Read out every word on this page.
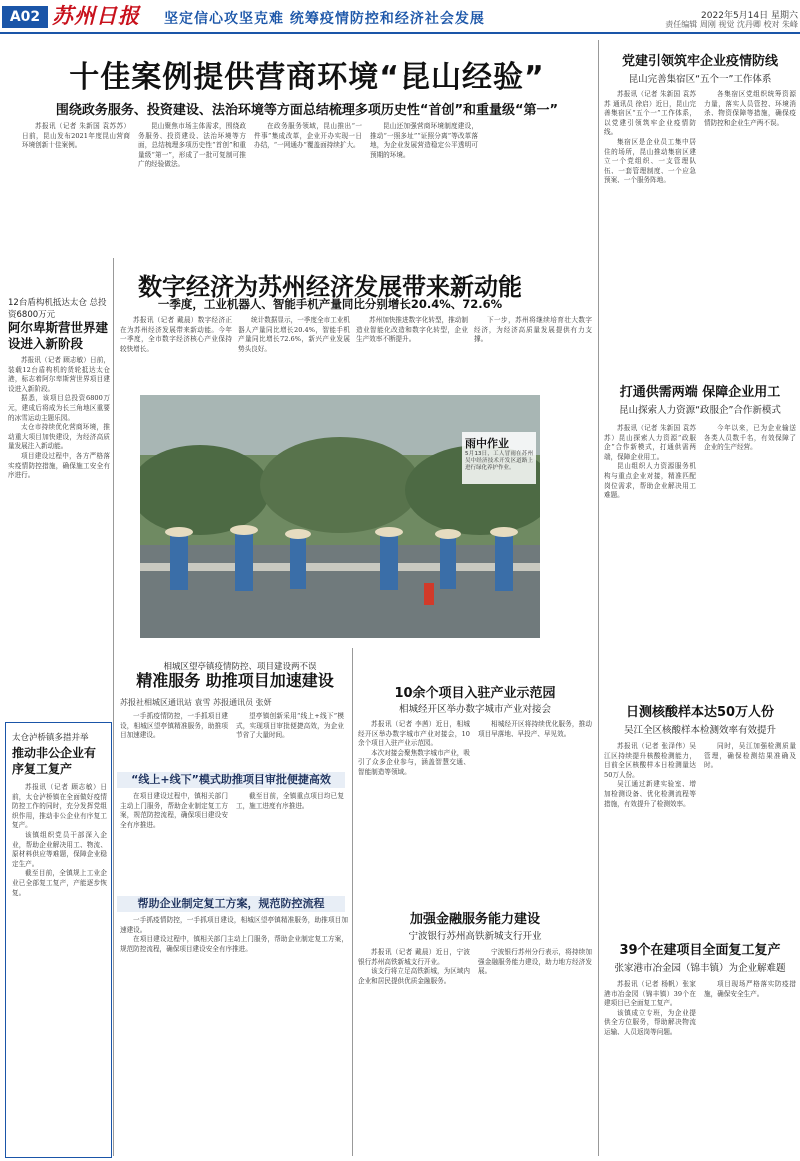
A02 苏州日报 坚定信心攻坚克难 统筹疫情防控和经济社会发展	2022年5月14日 星期六
责任编辑 周刚 视觉 沈丹卿 校对 朱峰
十佳案例提供营商环境“昆山经验”
围绕政务服务、投资建设、法治环境等方面总结梳理多项历史性“首创”和重量级“第一”

苏报讯（记者 朱新国 袁苏苏）日前，昆山发布2021年度昆山营商环境创新十佳案例。

昆山聚焦市场主体需求，围绕政务服务、投资建设、法治环境等方面，总结梳理多项历史性“首创”和重量级“第一”，形成了一批可复制可推广的经验做法。

在政务服务领域，昆山推出“一件事”集成改革，企业开办实现一日办结，“一网通办”覆盖面持续扩大。

昆山还加强营商环境制度建设，推动“一照多址”“证照分离”等改革落地，为企业发展营造稳定公平透明可预期的环境。

党建引领筑牢企业疫情防线
昆山完善集宿区“五个一”工作体系

苏报讯（记者 朱新国 袁苏苏 通讯员 徐启）近日，昆山完善集宿区“五个一”工作体系，以党建引领筑牢企业疫情防线。

集宿区是企业员工集中居住的场所，昆山推动集宿区建立一个党组织、一支管理队伍、一套管理制度、一个应急预案、一个服务阵地。

各集宿区党组织统筹资源力量，落实人员管控、环境消杀、物资保障等措施，确保疫情防控和企业生产两不误。

12台盾构机抵达太仓 总投资6800万元
阿尔卑斯营世界建设进入新阶段

苏报讯（记者 顾志敏）日前，装载12台盾构机的货轮抵达太仓港，标志着阿尔卑斯营世界项目建设进入新阶段。

据悉，该项目总投资6800万元，建成后将成为长三角地区重要的冰雪运动主题乐园。

太仓市持续优化营商环境，推动重大项目加快建设，为经济高质量发展注入新动能。

项目建设过程中，各方严格落实疫情防控措施，确保施工安全有序进行。

太仓泸桥镇多措并举
推动非公企业有序复工复产

苏报讯（记者 顾志敏）日前，太仓泸桥镇在全面做好疫情防控工作的同时，充分发挥党组织作用，推动非公企业有序复工复产。

该镇组织党员干部深入企业，帮助企业解决用工、物流、原材料供应等难题，保障企业稳定生产。

截至目前，全镇规上工业企业已全部复工复产，产能逐步恢复。

数字经济为苏州经济发展带来新动能
一季度，工业机器人、智能手机产量同比分别增长20.4%、72.6%

苏报讯（记者 戴晨）数字经济正在为苏州经济发展带来新动能。今年一季度，全市数字经济核心产业保持较快增长。

统计数据显示，一季度全市工业机器人产量同比增长20.4%，智能手机产量同比增长72.6%，新兴产业发展势头良好。

苏州加快推进数字化转型，推动制造业智能化改造和数字化转型，企业生产效率不断提升。

下一步，苏州将继续培育壮大数字经济，为经济高质量发展提供有力支撑。

雨中作业
5月13日，工人冒雨在苏州吴中经济技术开发区道路上进行绿化养护作业。
打通供需两端 保障企业用工
昆山探索人力资源“政服企”合作新模式

苏报讯（记者 朱新国 袁苏苏）昆山探索人力资源“政服企”合作新模式，打通供需两端，保障企业用工。

昆山组织人力资源服务机构与重点企业对接，精准匹配岗位需求，帮助企业解决用工难题。

今年以来，已为企业输送各类人员数千名，有效保障了企业的生产经营。

相城区望亭镇疫情防控、项目建设两不误
精准服务 助推项目加速建设
苏报社相城区通讯站 袁雪 苏报通讯员 张妍

一手抓疫情防控，一手抓项目建设，相城区望亭镇精准服务，助推项目加速建设。

望亭镇创新采用“线上+线下”模式，实现项目审批便捷高效，为企业节省了大量时间。

“线上+线下”模式助推项目审批便捷高效

在项目建设过程中，镇相关部门主动上门服务，帮助企业制定复工方案，规范防控流程，确保项目建设安全有序推进。

截至目前，全镇重点项目均已复工，施工进度有序推进。

帮助企业制定复工方案，规范防控流程

一手抓疫情防控，一手抓项目建设，相城区望亭镇精准服务，助推项目加速建设。

在项目建设过程中，镇相关部门主动上门服务，帮助企业制定复工方案，规范防控流程，确保项目建设安全有序推进。

10余个项目入驻产业示范园
相城经开区举办数字城市产业对接会

苏报讯（记者 李茜）近日，相城经开区举办数字城市产业对接会，10余个项目入驻产业示范园。

本次对接会聚焦数字城市产业，吸引了众多企业参与，涵盖智慧交通、智能制造等领域。

相城经开区将持续优化服务，推动项目早落地、早投产、早见效。

加强金融服务能力建设
宁波银行苏州高铁新城支行开业

苏报讯（记者 戴晨）近日，宁波银行苏州高铁新城支行开业。

该支行将立足高铁新城，为区域内企业和居民提供优质金融服务。

宁波银行苏州分行表示，将持续加强金融服务能力建设，助力地方经济发展。

日测核酸样本达50万人份
吴江全区核酸样本检测效率有效提升

苏报讯（记者 张泽伟）吴江区持续提升核酸检测能力，目前全区核酸样本日检测量达50万人份。

吴江通过新建实验室、增加检测设备、优化检测流程等措施，有效提升了检测效率。

同时，吴江加强检测质量管理，确保检测结果准确及时。

39个在建项目全面复工复产
张家港市冶金园（锦丰镇）为企业解难题

苏报讯（记者 杨帆）张家港市冶金园（锦丰镇）39个在建项目已全面复工复产。

该镇成立专班，为企业提供全方位服务，帮助解决物流运输、人员返岗等问题。

项目现场严格落实防疫措施，确保安全生产。
